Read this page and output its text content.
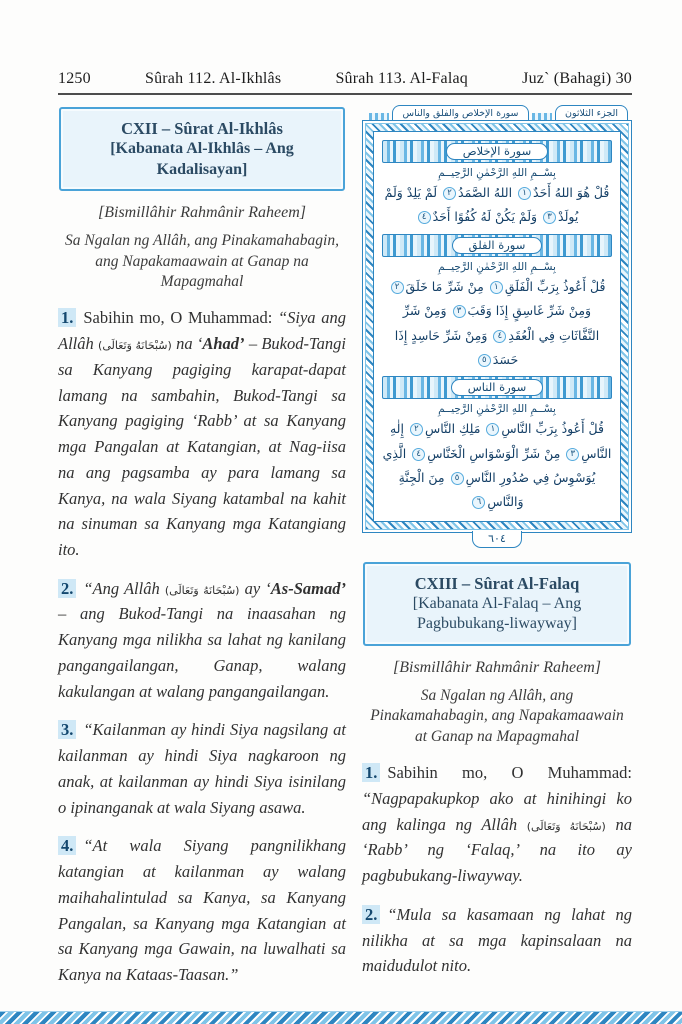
1250	Sûrah 112. Al-Ikhlâs	Sûrah 113. Al-Falaq	Juz` (Bahagi) 30
CXII – Sûrat Al-Ikhlâs
[Kabanata Al-Ikhlâs – Ang Kadalisayan]

[Bismillâhir Rahmânir Raheem]

Sa Ngalan ng Allâh, ang Pinakamahabagin, ang Napakamaawain at Ganap na Mapagmahal

1. Sabihin mo, O Muhammad: “Siya ang Allâh (سُبْحَانَهُ وَتَعَالَى) na ‘Ahad’ – Bukod-Tangi sa Kanyang pagiging karapat-dapat lamang na sambahin, Bukod-Tangi sa Kanyang pagiging ‘Rabb’ at sa Kanyang mga Pangalan at Katangian, at Nag-iisa na ang pagsamba ay para lamang sa Kanya, na wala Siyang katambal na kahit na sinuman sa Kanyang mga Katangiang ito.

2. “Ang Allâh (سُبْحَانَهُ وَتَعَالَى) ay ‘As-Samad’ – ang Bukod-Tangi na inaasahan ng Kanyang mga nilikha sa lahat ng kanilang pangangailangan, Ganap, walang kakulangan at walang pangangailangan.

3. “Kailanman ay hindi Siya nagsilang at kailanman ay hindi Siya nagkaroon ng anak, at kailanman ay hindi Siya isinilang o ipinanganak at wala Siyang asawa.

4. “At wala Siyang pangnilikhang katangian at kailanman ay walang maihahalintulad sa Kanya, sa Kanyang Pangalan, sa Kanyang mga Katangian at sa Kanyang mga Gawain, na luwalhati sa Kanya na Kataas-Taasan.”

الجزء الثلاثون
سورة الإخلاص والفلق والناس
سورة الإخلاص

بِسْــمِ اللهِ الرَّحْمٰنِ الرَّحِيــمِ

قُلْ هُوَ اللهُ أَحَدٌ١ اللهُ الصَّمَدُ٢ لَمْ يَلِدْ وَلَمْ يُولَدْ٣ وَلَمْ يَكُنْ لَهُ كُفُوًا أَحَدٌ٤

سورة الفلق

بِسْــمِ اللهِ الرَّحْمٰنِ الرَّحِيــمِ

قُلْ أَعُوذُ بِرَبِّ الْفَلَقِ١ مِنْ شَرِّ مَا خَلَقَ٢ وَمِنْ شَرِّ غَاسِقٍ إِذَا وَقَبَ٣ وَمِنْ شَرِّ النَّفَّاثَاتِ فِي الْعُقَدِ٤ وَمِنْ شَرِّ حَاسِدٍ إِذَا حَسَدَ٥

سورة الناس

بِسْــمِ اللهِ الرَّحْمٰنِ الرَّحِيــمِ

قُلْ أَعُوذُ بِرَبِّ النَّاسِ١ مَلِكِ النَّاسِ٢ إِلٰهِ النَّاسِ٣ مِنْ شَرِّ الْوَسْوَاسِ الْخَنَّاسِ٤ الَّذِي يُوَسْوِسُ فِي صُدُورِ النَّاسِ٥ مِنَ الْجِنَّةِ وَالنَّاسِ٦

٦٠٤
CXIII – Sûrat Al-Falaq
[Kabanata Al-Falaq – Ang Pagbubukang-liwayway]

[Bismillâhir Rahmânir Raheem]

Sa Ngalan ng Allâh, ang Pinakamahabagin, ang Napakamaawain at Ganap na Mapagmahal

1. Sabihin mo, O Muhammad: “Nagpapakupkop ako at hinihingi ko ang kalinga ng Allâh (سُبْحَانَهُ وَتَعَالَى) na ‘Rabb’ ng ‘Falaq,’ na ito ay pagbubukang-liwayway.

2. “Mula sa kasamaan ng lahat ng nilikha at sa mga kapinsalaan na maidudulot nito.
